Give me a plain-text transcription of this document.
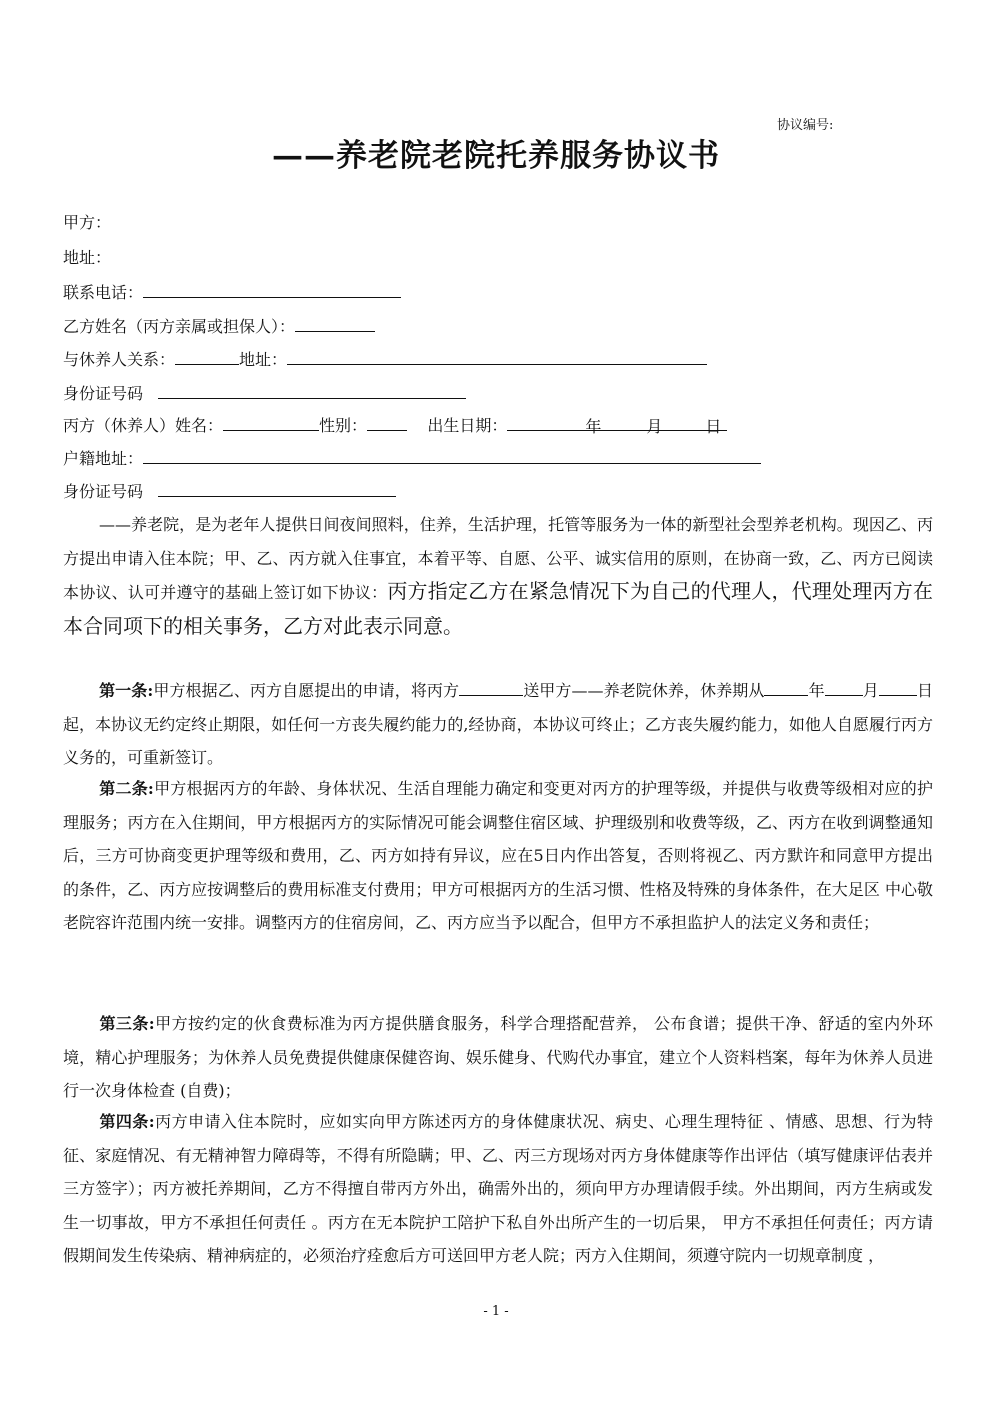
协议编号:
——养老院老院托养服务协议书
甲方：
地址：
联系电话：
乙方姓名（丙方亲属或担保人）：
与休养人关系：	地址：
身份证号码
丙方（休养人）姓名：	性别：	出生日期：	年	月	日
户籍地址：
身份证号码
——养老院，是为老年人提供日间夜间照料，住养，生活护理，托管等服务为一体的新型社会型养老机构。现因乙、丙方提出申请入住本院；甲、乙、丙方就入住事宜，本着平等、自愿、公平、诚实信用的原则，在协商一致，乙、丙方已阅读本协议、认可并遵守的基础上签订如下协议：丙方指定乙方在紧急情况下为自己的代理人，代理处理丙方在本合同项下的相关事务，乙方对此表示同意。
第一条:甲方根据乙、丙方自愿提出的申请，将丙方	送甲方——养老院休养，休养期从	年 月 日起，本协议无约定终止期限，如任何一方丧失履约能力的,经协商，本协议可终止；乙方丧失履约能力，如他人自愿履行丙方义务的，可重新签订。
第二条:甲方根据丙方的年龄、身体状况、生活自理能力确定和变更对丙方的护理等级，并提供与收费等级相对应的护理服务；丙方在入住期间，甲方根据丙方的实际情况可能会调整住宿区域、护理级别和收费等级，乙、丙方在收到调整通知后，三方可协商变更护理等级和费用，乙、丙方如持有异议，应在5日内作出答复，否则将视乙、丙方默许和同意甲方提出的条件，乙、丙方应按调整后的费用标准支付费用；甲方可根据丙方的生活习惯、性格及特殊的身体条件，在大足区 中心敬老院容许范围内统一安排。调整丙方的住宿房间，乙、丙方应当予以配合，但甲方不承担监护人的法定义务和责任；
第三条:甲方按约定的伙食费标准为丙方提供膳食服务，科学合理搭配营养， 公布食谱；提供干净、舒适的室内外环境，精心护理服务；为休养人员免费提供健康保健咨询、娱乐健身、代购代办事宜，建立个人资料档案，每年为休养人员进行一次身体检查 (自费)；
第四条:丙方申请入住本院时，应如实向甲方陈述丙方的身体健康状况、病史、心理生理特征 、情感、思想、行为特征、家庭情况、有无精神智力障碍等，不得有所隐瞒；甲、乙、丙三方现场对丙方身体健康等作出评估（填写健康评估表并三方签字）；丙方被托养期间，乙方不得擅自带丙方外出，确需外出的，须向甲方办理请假手续。外出期间，丙方生病或发生一切事故，甲方不承担任何责任 。丙方在无本院护工陪护下私自外出所产生的一切后果， 甲方不承担任何责任；丙方请假期间发生传染病、精神病症的，必须治疗痊愈后方可送回甲方老人院；丙方入住期间，须遵守院内一切规章制度 ，
- 1 -
